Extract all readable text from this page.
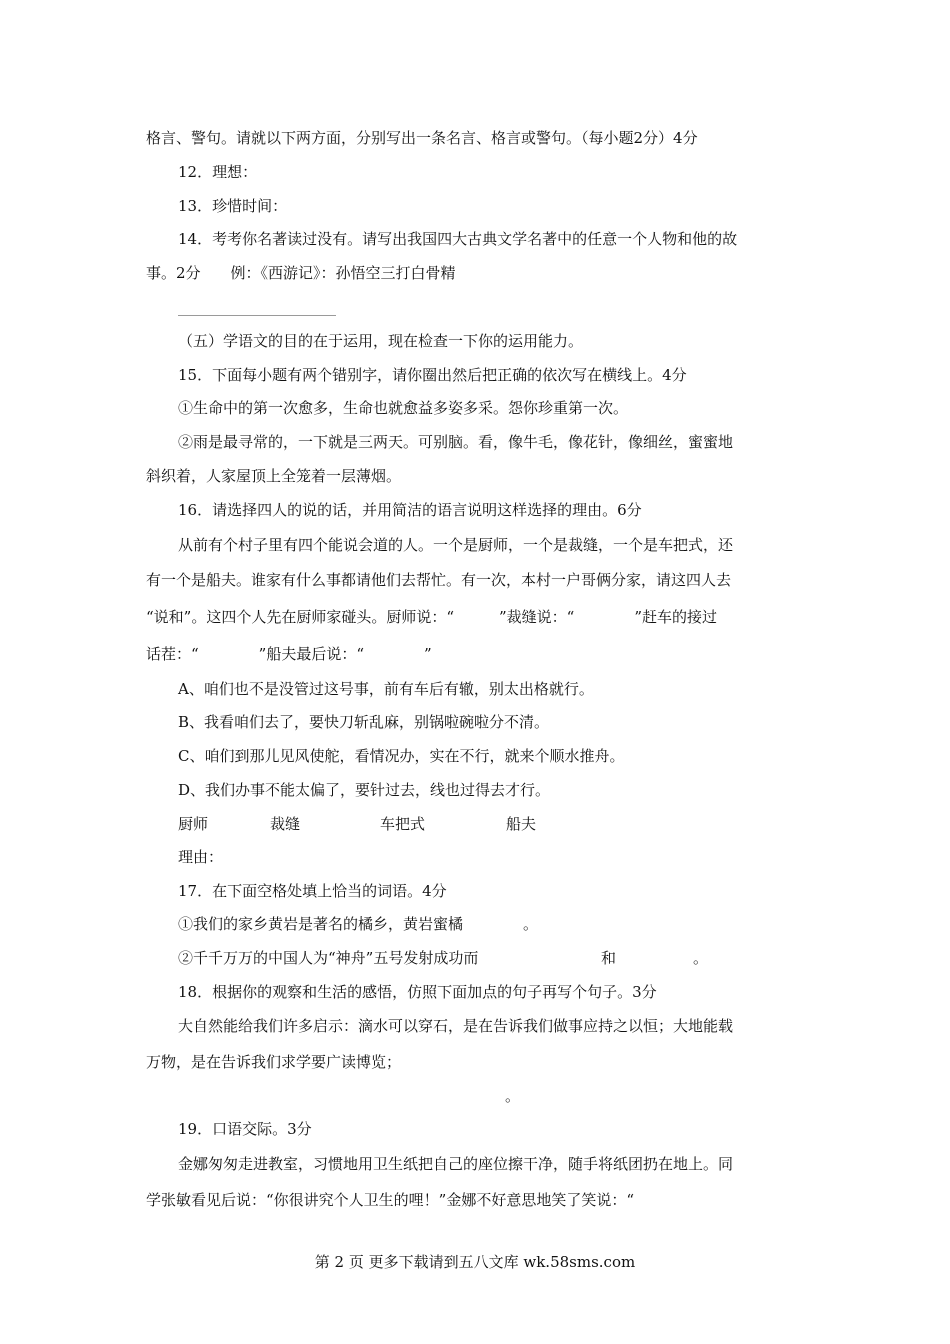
格言、警句。请就以下两方面，分别写出一条名言、格言或警句。（每小题2分）4分
12．理想：
13．珍惜时间：
14．考考你名著读过没有。请写出我国四大古典文学名著中的任意一个人物和他的故
事。2分　　例：《西游记》：孙悟空三打白骨精
（五）学语文的目的在于运用，现在检查一下你的运用能力。
15．下面每小题有两个错别字，请你圈出然后把正确的依次写在横线上。4分
①生命中的第一次愈多，生命也就愈益多姿多采。怨你珍重第一次。
②雨是最寻常的，一下就是三两天。可别脑。看，像牛毛，像花针，像细丝，蜜蜜地
斜织着，人家屋顶上全笼着一层薄烟。
16．请选择四人的说的话，并用简洁的语言说明这样选择的理由。6分
从前有个村子里有四个能说会道的人。一个是厨师，一个是裁缝，一个是车把式，还
有一个是船夫。谁家有什么事都请他们去帮忙。有一次，本村一户哥俩分家，请这四人去
“说和”。这四个人先在厨师家碰头。厨师说：“　　　”裁缝说：“　　　　”赶车的接过
话茬：“　　　　”船夫最后说：“　　　　”
A、咱们也不是没管过这号事，前有车后有辙，别太出格就行。
B、我看咱们去了，要快刀斩乱麻，别锅啦碗啦分不清。
C、咱们到那儿见风使舵，看情况办，实在不行，就来个顺水推舟。
D、我们办事不能太偏了，要针过去，线也过得去才行。
厨师	裁缝	车把式	船夫
理由：
17．在下面空格处填上恰当的词语。4分
①我们的家乡黄岩是著名的橘乡，黄岩蜜橘　　　　。
②千千万万的中国人为“神舟”五号发射成功而	和	。
18．根据你的观察和生活的感悟，仿照下面加点的句子再写个句子。3分
大自然能给我们许多启示：滴水可以穿石，是在告诉我们做事应持之以恒；大地能载
万物，是在告诉我们求学要广读博览；
。
19．口语交际。3分
金娜匆匆走进教室，习惯地用卫生纸把自己的座位擦干净，随手将纸团扔在地上。同
学张敏看见后说：“你很讲究个人卫生的哩！”金娜不好意思地笑了笑说：“
第 2 页 更多下载请到五八文库 wk.58sms.com
